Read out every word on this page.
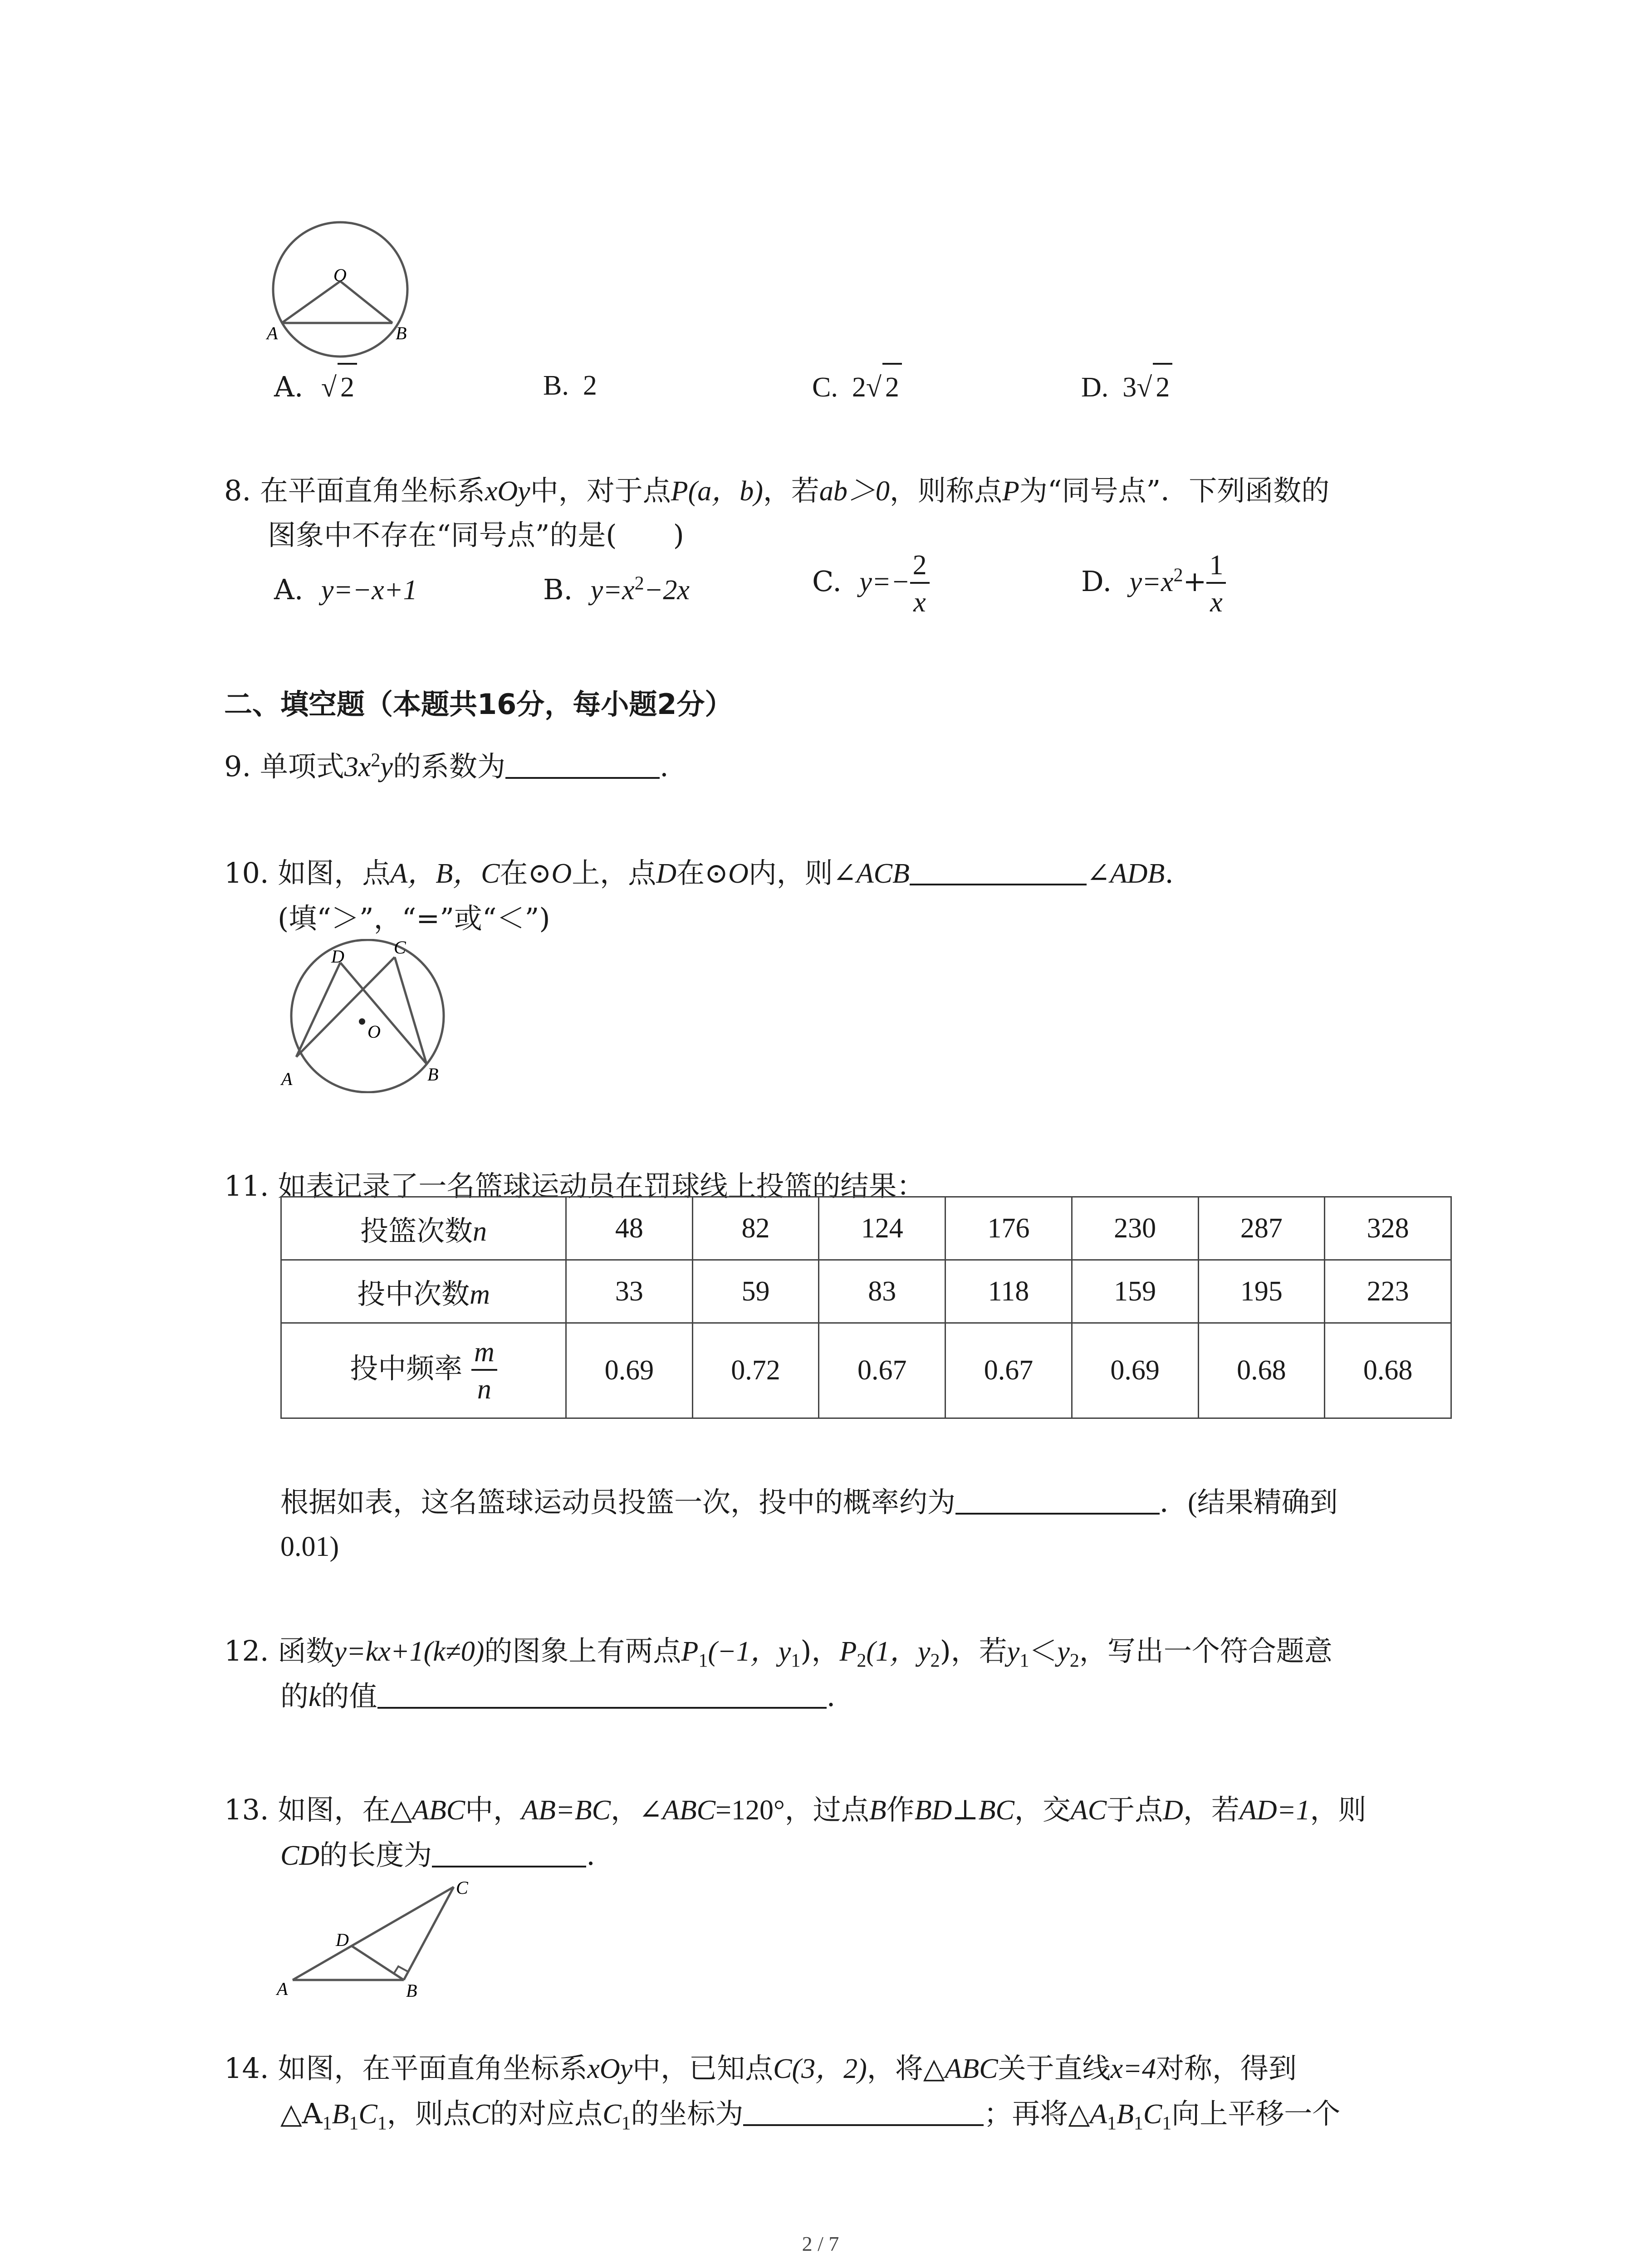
O
A	B
A. √ 2	B. 2	C. 2√ 2	D. 3√ 2
8. 在平面直角坐标系xOy中，对于点P(a，b)，若ab＞0，则称点P为“同号点”．下列函数的
图象中不存在“同号点”的是(　　)
A. y=−x+1	B. $y=x^2-2x$	C. $y=- \frac{2}{x}$	D. $y=x^2+ \frac{1}{x}$
二、填空题（本题共16分，每小题2分）
9. 单项式$3x^2y$的系数为	.
10. 如图，点A，B，C在⊙O上，点D在⊙O内，则∠ACB	∠ADB.
(填“＞”，“=”或“＜”)
O
A	B
C
D
11. 如表记录了一名篮球运动员在罚球线上投篮的结果：
投篮次数n	48	82	124	176	230	287	328
投中次数m	33	59	83	118	159	195	223
投中频率 $\frac{m}{n}$	0.69	0.72	0.67	0.67	0.69	0.68	0.68
根据如表，这名篮球运动员投篮一次，投中的概率约为	．(结果精确到
0.01)
12. 函数y=kx+1(k≠0)的图象上有两点$P_1(-1$，$y_1$)，$P_2(1$，$y_2$)，若$y_1<y_2$，写出一个符合题意
的k的值	.
13. 如图，在△ABC中，AB=BC，∠ABC=120°，过点B作BD⊥BC，交AC于点D，若AD=1，则
CD的长度为	.
A	B
C
D
14. 如图，在平面直角坐标系xOy中，已知点C(3，2)，将△ABC关于直线x=4对称，得到
$\triangle A_1B_1C_1$，则点C的对应点$C_1$的坐标为	；再将$\triangle A_1B_1C_1$向上平移一个
2 / 7
